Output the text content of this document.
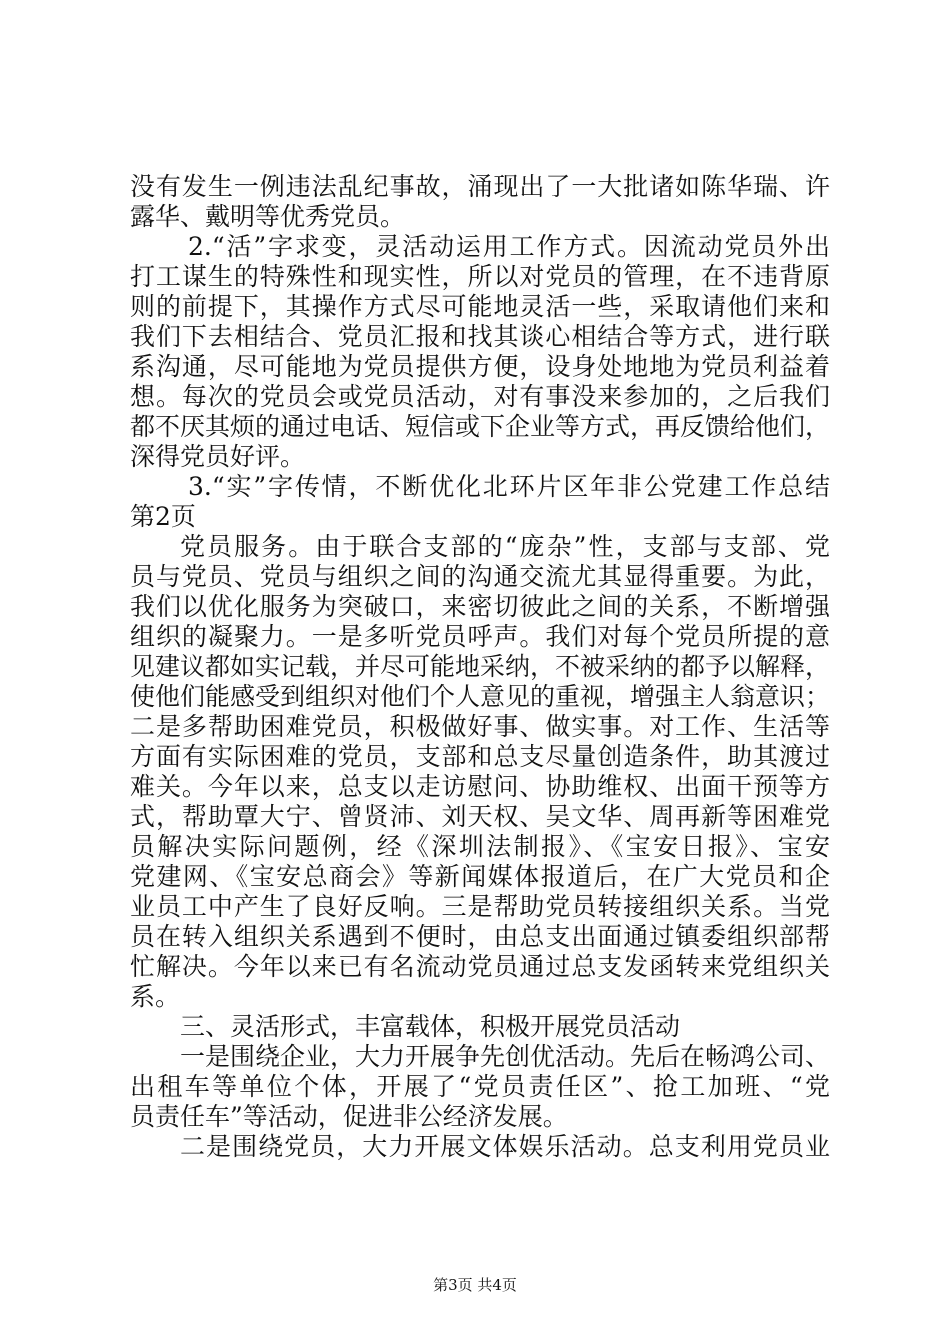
没有发生一例违法乱纪事故，涌现出了一大批诸如陈华瑞、许
露华、戴明等优秀党员。
2.“活”字求变，灵活动运用工作方式。因流动党员外出
打工谋生的特殊性和现实性，所以对党员的管理，在不违背原
则的前提下，其操作方式尽可能地灵活一些，采取请他们来和
我们下去相结合、党员汇报和找其谈心相结合等方式，进行联
系沟通，尽可能地为党员提供方便，设身处地地为党员利益着
想。每次的党员会或党员活动，对有事没来参加的，之后我们
都不厌其烦的通过电话、短信或下企业等方式，再反馈给他们，
深得党员好评。
3.“实”字传情，不断优化北环片区年非公党建工作总结
第2页
党员服务。由于联合支部的“庞杂”性，支部与支部、党
员与党员、党员与组织之间的沟通交流尤其显得重要。为此，
我们以优化服务为突破口，来密切彼此之间的关系，不断增强
组织的凝聚力。一是多听党员呼声。我们对每个党员所提的意
见建议都如实记载，并尽可能地采纳，不被采纳的都予以解释，
使他们能感受到组织对他们个人意见的重视，增强主人翁意识；
二是多帮助困难党员，积极做好事、做实事。对工作、生活等
方面有实际困难的党员，支部和总支尽量创造条件，助其渡过
难关。今年以来，总支以走访慰问、协助维权、出面干预等方
式，帮助覃大宁、曾贤沛、刘天权、吴文华、周再新等困难党
员解决实际问题例，经《深圳法制报》、《宝安日报》、宝安
党建网、《宝安总商会》等新闻媒体报道后，在广大党员和企
业员工中产生了良好反响。三是帮助党员转接组织关系。当党
员在转入组织关系遇到不便时，由总支出面通过镇委组织部帮
忙解决。今年以来已有名流动党员通过总支发函转来党组织关
系。
三、灵活形式，丰富载体，积极开展党员活动
一是围绕企业，大力开展争先创优活动。先后在畅鸿公司、
出租车等单位个体，开展了“党员责任区”、抢工加班、“党
员责任车”等活动，促进非公经济发展。
二是围绕党员，大力开展文体娱乐活动。总支利用党员业
第3页 共4页
